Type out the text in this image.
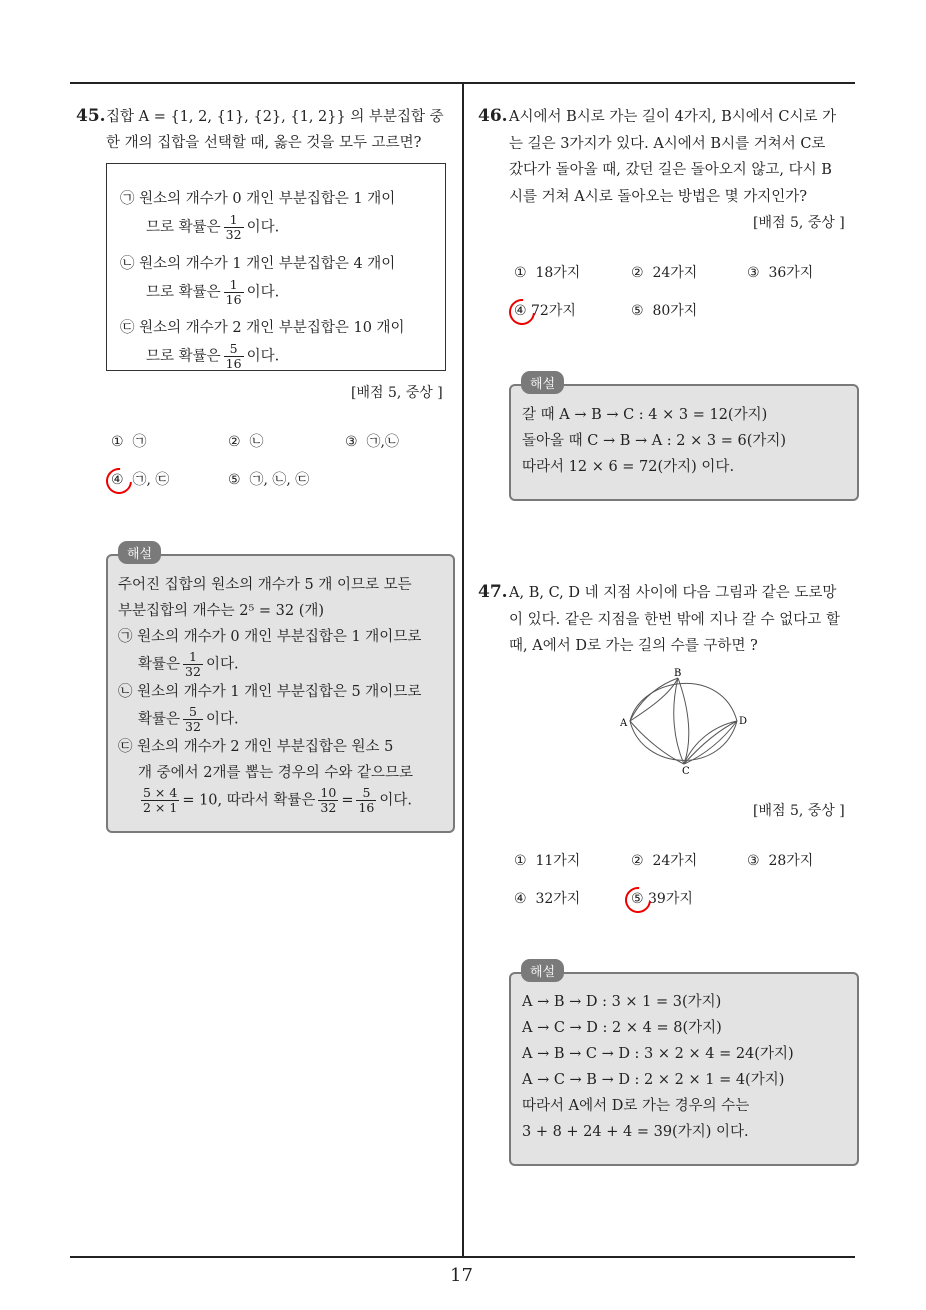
45. 집합 A = {1, 2, {1}, {2}, {1, 2}} 의 부분집합 중
한 개의 집합을 선택할 때, 옳은 것을 모두 고르면?
㉠ 원소의 개수가 0 개인 부분집합은 1 개이
므로 확률은 $\frac{1}{32}$ 이다.
㉡ 원소의 개수가 1 개인 부분집합은 4 개이
므로 확률은 $\frac{1}{16}$ 이다.
㉢ 원소의 개수가 2 개인 부분집합은 10 개이
므로 확률은 $\frac{5}{16}$ 이다.
[배점 5, 중상 ]
① ㉠	② ㉡	③ ㉠,㉡
④ ㉠, ㉢	⑤ ㉠, ㉡, ㉢
해설
주어진 집합의 원소의 개수가 5 개 이므로 모든
부분집합의 개수는 2⁵ = 32 (개)
㉠ 원소의 개수가 0 개인 부분집합은 1 개이므로
확률은 $\frac{1}{32}$ 이다.
㉡ 원소의 개수가 1 개인 부분집합은 5 개이므로
확률은 $\frac{5}{32}$ 이다.
㉢ 원소의 개수가 2 개인 부분집합은 원소 5
개 중에서 2개를 뽑는 경우의 수와 같으므로
$\frac{5 \times 4}{2 \times 1} = 10$, 따라서 확률은 $\frac{10}{32} = \frac{5}{16}$ 이다.
46. A시에서 B시로 가는 길이 4가지, B시에서 C시로 가
는 길은 3가지가 있다. A시에서 B시를 거쳐서 C로
갔다가 돌아올 때, 갔던 길은 돌아오지 않고, 다시 B
시를 거쳐 A시로 돌아오는 방법은 몇 가지인가?
[배점 5, 중상 ]
① 18가지	② 24가지	③ 36가지
④ 72가지	⑤ 80가지
해설
갈 때 A → B → C : 4 × 3 = 12(가지)
돌아올 때 C → B → A : 2 × 3 = 6(가지)
따라서 12 × 6 = 72(가지) 이다.
47. A, B, C, D 네 지점 사이에 다음 그림과 같은 도로망
이 있다. 같은 지점을 한번 밖에 지나 갈 수 없다고 할
때, A에서 D로 가는 길의 수를 구하면 ?
A
B
C
D
[배점 5, 중상 ]
① 11가지	② 24가지	③ 28가지
④ 32가지	⑤ 39가지
해설
A → B → D : 3 × 1 = 3(가지)
A → C → D : 2 × 4 = 8(가지)
A → B → C → D : 3 × 2 × 4 = 24(가지)
A → C → B → D : 2 × 2 × 1 = 4(가지)
따라서 A에서 D로 가는 경우의 수는
3 + 8 + 24 + 4 = 39(가지) 이다.
17
